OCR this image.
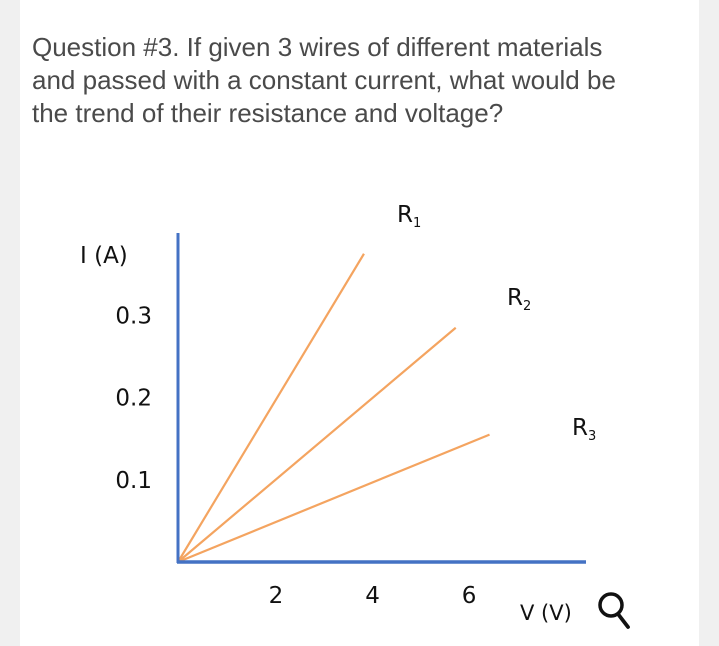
Question #3. If given 3 wires of different materials and passed with a constant current, what would be the trend of their resistance and voltage?

I (A)
V (V)
$R_1$
$R_2$
$R_3$
0.1
0.2
0.3
2	4	6
